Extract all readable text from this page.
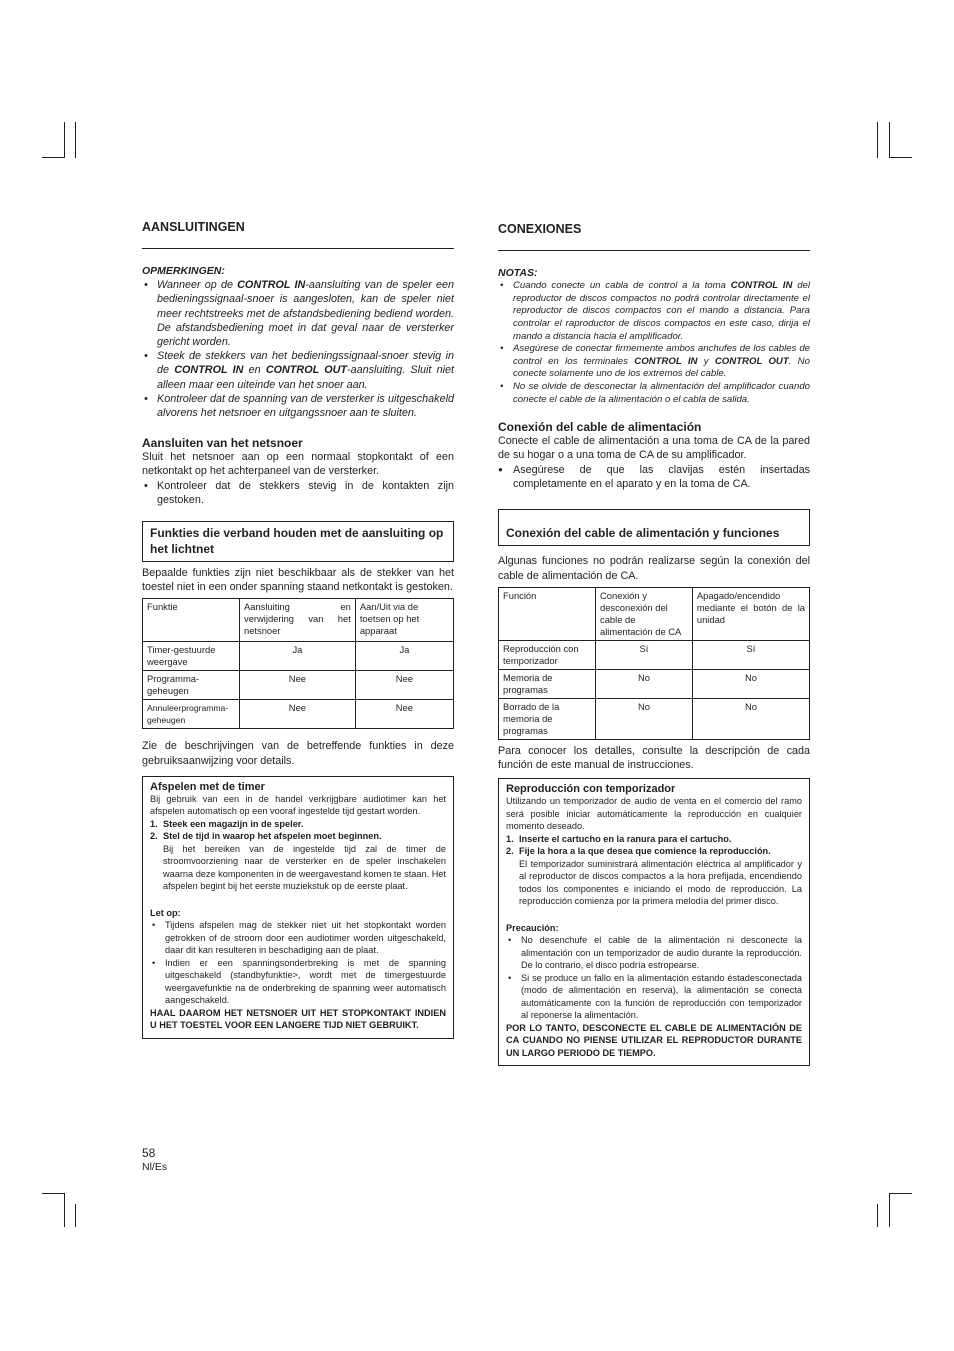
AANSLUITINGEN

OPMERKINGEN:

• Wanneer op de CONTROL IN-aansluiting van de speler een bedieningssignaal-snoer is aangesloten, kan de speler niet meer rechtstreeks met de afstandsbediening bediend worden. De afstandsbediening moet in dat geval naar de versterker gericht worden.
• Steek de stekkers van het bedieningssignaal-snoer stevig in de CONTROL IN en CONTROL OUT-aansluiting. Sluit niet alleen maar een uiteinde van het snoer aan.
• Kontroleer dat de spanning van de versterker is uitgeschakeld alvorens het netsnoer en uitgangssnoer aan te sluiten.

Aansluiten van het netsnoer

Sluit het netsnoer aan op een normaal stopkontakt of een netkontakt op het achterpaneel van de versterker.

• Kontroleer dat de stekkers stevig in de kontakten zijn gestoken.
Funkties die verband houden met de aansluiting op het lichtnet

Bepaalde funkties zijn niet beschikbaar als de stekker van het toestel niet in een onder spanning staand netkontakt is gestoken.

Funktie	Aansluiting en verwijdering van het netsnoer	Aan/Uit via de toetsen op het apparaat
Timer-gestuurde weergave	Ja	Ja
Programma-geheugen	Nee	Nee
Annuleerprogramma-geheugen	Nee	Nee

Zie de beschrijvingen van de betreffende funkties in deze gebruiksaanwijzing voor details.

Afspelen met de timer

Bij gebruik van een in de handel verkrijgbare audiotimer kan het afspelen automatisch op een vooraf ingestelde tijd gestart worden.

1. Steek een magazijn in de speler.
2. Stel de tijd in waarop het afspelen moet beginnen.
Bij het bereiken van de ingestelde tijd zal de timer de stroomvoorziening naar de versterker en de speler inschakelen waarna deze komponenten in de weergavestand komen te staan. Het afspelen begint bij het eerste muziekstuk op de eerste plaat.

Let op:

• Tijdens afspelen mag de stekker niet uit het stopkontakt worden getrokken of de stroom door een audiotimer worden uitgeschakeld, daar dit kan resulteren in beschadiging aan de plaat.
• Indien er een spanningsonderbreking is met de spanning uitgeschakeld (standbyfunktie>, wordt met de timergestuurde weergavefunktie na de onderbreking de spanning weer automatisch aangeschakeld.

HAAL DAAROM HET NETSNOER UIT HET STOPKONTAKT INDIEN U HET TOESTEL VOOR EEN LANGERE TIJD NIET GEBRUIKT.

CONEXIONES

NOTAS:

• Cuando conecte un cabla de control a la toma CONTROL IN del reproductor de discos compactos no podrá controlar directamente el reproductor de discos compactos con el mando a distancia. Para controlar el raproductor de discos compactos en este caso, dirija el mando a distancia hacia el amplificador.
• Asegúrese de conectar firmemente ambos anchufes de los cables de control en los terminales CONTROL IN y CONTROL OUT. No conecte solamente uno de los extremos del cable.
• No se olvide de desconectar la alimentación del amplificador cuando conecte el cable de la alimentación o el cabla de salida.

Conexión del cable de alimentación

Conecte el cable de alimentación a una toma de CA de la pared de su hogar o a una toma de CA de su amplificador.

● Asegúrese de que las clavijas estén insertadas completamente en el aparato y en la toma de CA.
Conexión del cable de alimentación y funciones

Algunas funciones no podrán realizarse según la conexión del cable de alimentación de CA.

Función	Conexión y desconexión del cable de alimentación de CA	Apagado/encendido mediante el botón de la unidad
Reproducción con temporizador	Sí	Sí
Memoria de programas	No	No
Borrado de la memoria de programas	No	No

Para conocer los detalles, consulte la descripción de cada función de este manual de instrucciones.

Reproducción con temporizador

Utilizando un temporizador de audio de venta en el comercio del ramo será posible iniciar automáticamente la reproducción en cualquier momento deseado.

1. Inserte el cartucho en la ranura para el cartucho.
2. Fije la hora a la que desea que comience la reproducción.
El temporizador suministrará alimentación eléctrica al amplificador y al reproductor de discos compactos a la hora prefijada, encendiendo todos los componentes e iniciando el modo de reproducción. La reproducción comienza por la primera melodía del primer disco.

Precaución:

• No desenchufe el cable de la alimentación ni desconecte la alimentación con un temporizador de audio durante la reproducción. De lo contrario, el disco podría estropearse.
• Si se produce un fallo en la alimentación estando éstadesconectada (modo de alimentación en reserva), la alimentación se conecta automáticamente con la función de reproducción con temporizador al reponerse la alimentación.

POR LO TANTO, DESCONECTE EL CABLE DE ALIMENTACIÓN DE CA CUANDO NO PIENSE UTILIZAR EL REPRODUCTOR DURANTE UN LARGO PERIODO DE TIEMPO.

58
Nl/Es
